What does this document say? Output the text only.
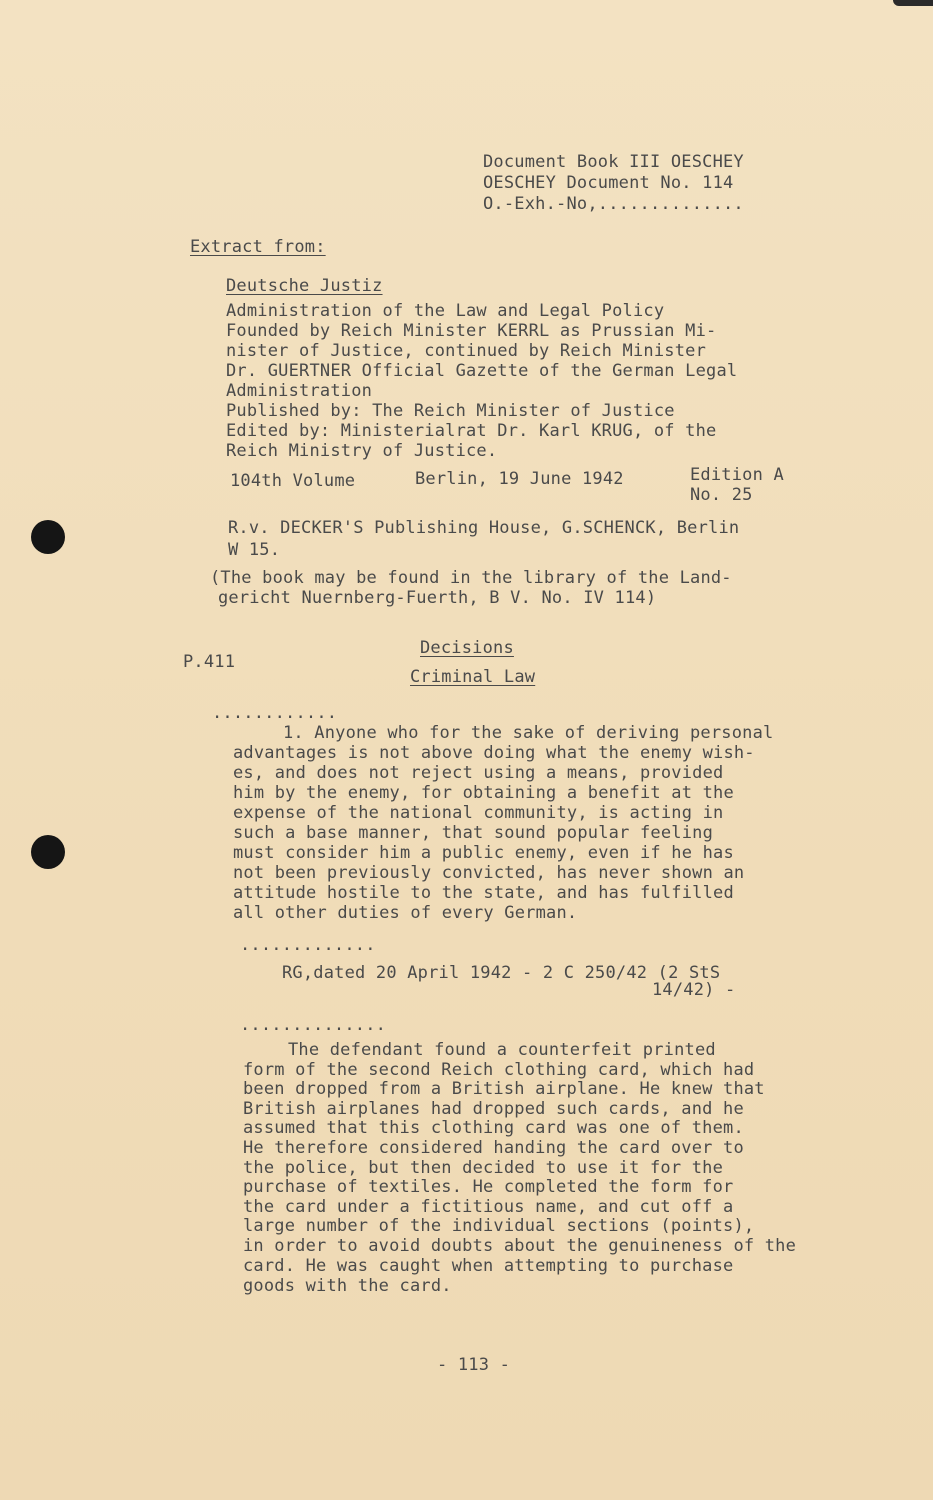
Document Book III OESCHEY
OESCHEY Document No. 114
O.-Exh.-No,..............
Extract from:
Deutsche Justiz
Administration of the Law and Legal Policy
Founded by Reich Minister KERRL as Prussian Mi-
nister of Justice, continued by Reich Minister
Dr. GUERTNER Official Gazette of the German Legal
Administration
Published by: The Reich Minister of Justice
Edited by: Ministerialrat Dr. Karl KRUG, of the
Reich Ministry of Justice.
104th Volume	Berlin, 19 June 1942	Edition A
No. 25
R.v. DECKER'S Publishing House, G.SCHENCK, Berlin
W 15.
(The book may be found in the library of the Land-
gericht Nuernberg-Fuerth, B V. No. IV 114)
P.411
Decisions
Criminal Law
............
1. Anyone who for the sake of deriving personal
advantages is not above doing what the enemy wish-
es, and does not reject using a means, provided
him by the enemy, for obtaining a benefit at the
expense of the national community, is acting in
such a base manner, that sound popular feeling
must consider him a public enemy, even if he has
not been previously convicted, has never shown an
attitude hostile to the state, and has fulfilled
all other duties of every German.
.............
RG,dated 20 April 1942 - 2 C 250/42 (2 StS
14/42) -
..............
The defendant found a counterfeit printed
form of the second Reich clothing card, which had
been dropped from a British airplane. He knew that
British airplanes had dropped such cards, and he
assumed that this clothing card was one of them.
He therefore considered handing the card over to
the police, but then decided to use it for the
purchase of textiles. He completed the form for
the card under a fictitious name, and cut off a
large number of the individual sections (points),
in order to avoid doubts about the genuineness of the
card. He was caught when attempting to purchase
goods with the card.
- 113 -
